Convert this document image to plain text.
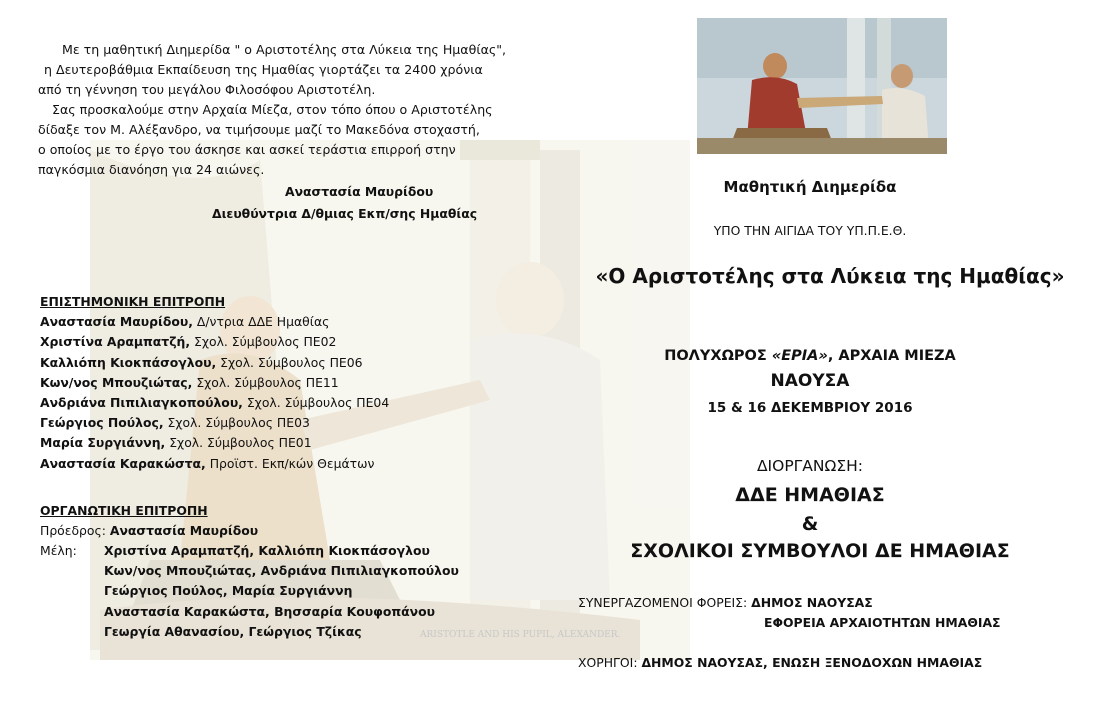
ARISTOTLE AND HIS PUPIL, ALEXANDER.

Με τη μαθητική Διημερίδα " ο Αριστοτέλης στα Λύκεια της Ημαθίας",

η Δευτεροβάθμια Εκπαίδευση της Ημαθίας γιορτάζει τα 2400 χρόνια

από τη γέννηση του μεγάλου Φιλοσόφου Αριστοτέλη.

Σας προσκαλούμε στην Αρχαία Μίεζα, στον τόπο όπου ο Αριστοτέλης

δίδαξε τον Μ. Αλέξανδρο, να τιμήσουμε μαζί το Μακεδόνα στοχαστή,

ο οποίος με το έργο του άσκησε και ασκεί τεράστια επιρροή στην

παγκόσμια διανόηση για 24 αιώνες.

Αναστασία Μαυρίδου
Διευθύντρια Δ/θμιας Εκπ/σης Ημαθίας
ΕΠΙΣΤΗΜΟΝΙΚΗ ΕΠΙΤΡΟΠΗ
Αναστασία Μαυρίδου, Δ/ντρια ΔΔΕ Ημαθίας
Χριστίνα Αραμπατζή, Σχολ. Σύμβουλος ΠΕ02
Καλλιόπη Κιοκπάσογλου, Σχολ. Σύμβουλος ΠΕ06
Κων/νος Μπουζιώτας, Σχολ. Σύμβουλος ΠΕ11
Ανδριάνα Πιπιλιαγκοπούλου, Σχολ. Σύμβουλος ΠΕ04
Γεώργιος Πούλος, Σχολ. Σύμβουλος ΠΕ03
Μαρία Συργιάννη, Σχολ. Σύμβουλος ΠΕ01
Αναστασία Καρακώστα, Προϊστ. Εκπ/κών Θεμάτων
ΟΡΓΑΝΩΤΙΚΗ ΕΠΙΤΡΟΠΗ
Πρόεδρος: Αναστασία Μαυρίδου
Μέλη:	Χριστίνα Αραμπατζή, Καλλιόπη Κιοκπάσογλου
Κων/νος Μπουζιώτας, Ανδριάνα Πιπιλιαγκοπούλου
Γεώργιος Πούλος, Μαρία Συργιάννη
Αναστασία Καρακώστα, Βησσαρία Κουφοπάνου
Γεωργία Αθανασίου, Γεώργιος Τζίκας
Μαθητική Διημερίδα
ΥΠΟ ΤΗΝ ΑΙΓΙΔΑ ΤΟΥ ΥΠ.Π.Ε.Θ.
«Ο Αριστοτέλης στα Λύκεια της Ημαθίας»
ΠΟΛΥΧΩΡΟΣ «ΕΡΙΑ», ΑΡΧΑΙΑ ΜΙΕΖΑ
ΝΑΟΥΣΑ
15 & 16 ΔΕΚΕΜΒΡΙΟΥ 2016
ΔΙΟΡΓΑΝΩΣΗ:
ΔΔΕ ΗΜΑΘΙΑΣ
&
ΣΧΟΛΙΚΟΙ ΣΥΜΒΟΥΛΟΙ ΔΕ ΗΜΑΘΙΑΣ
ΣΥΝΕΡΓΑΖΟΜΕΝΟΙ ΦΟΡΕΙΣ: ΔΗΜΟΣ ΝΑΟΥΣΑΣ
ΕΦΟΡΕΙΑ ΑΡΧΑΙΟΤΗΤΩΝ ΗΜΑΘΙΑΣ
ΧΟΡΗΓΟΙ: ΔΗΜΟΣ ΝΑΟΥΣΑΣ, ΕΝΩΣΗ ΞΕΝΟΔΟΧΩΝ ΗΜΑΘΙΑΣ
